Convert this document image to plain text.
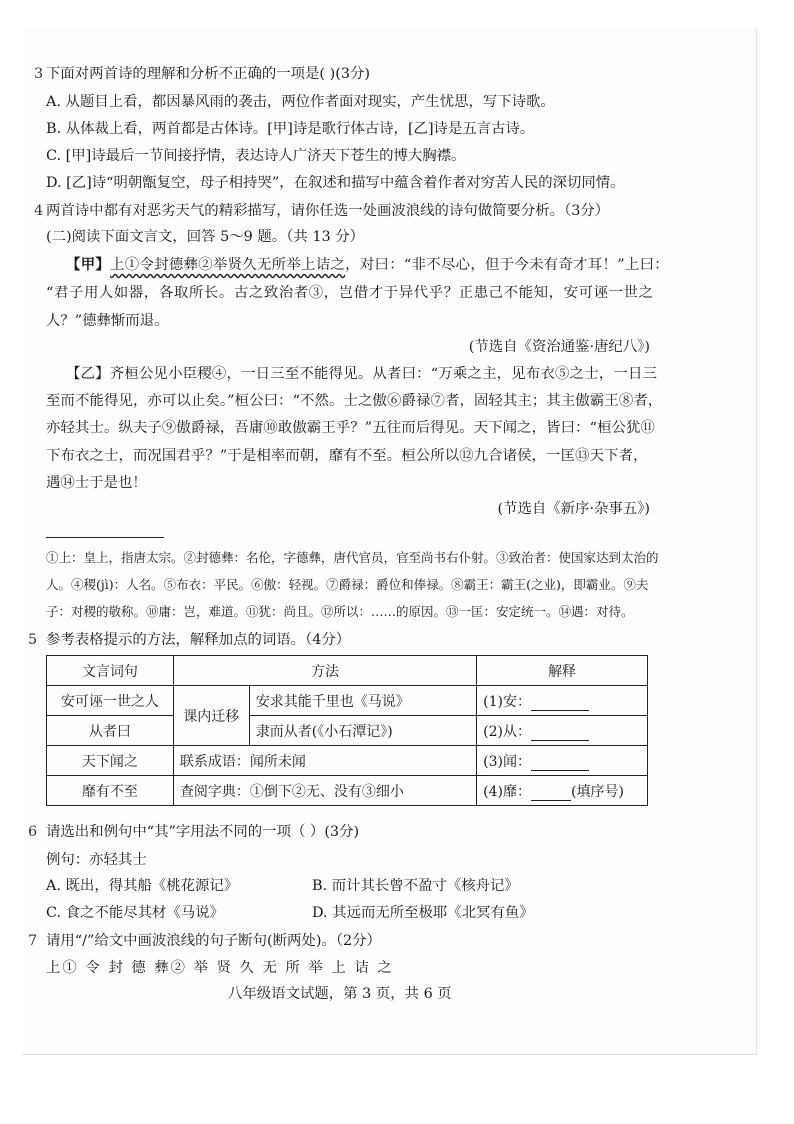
3 下面对两首诗的理解和分析不正确的一项是( )(3分)
A. 从题目上看，都因暴风雨的袭击，两位作者面对现实，产生忧思，写下诗歌。
B. 从体裁上看，两首都是古体诗。[甲]诗是歌行体古诗，[乙]诗是五言古诗。
C. [甲]诗最后一节间接抒情，表达诗人广济天下苍生的博大胸襟。
D. [乙]诗“明朝甑复空，母子相持哭”，在叙述和描写中蕴含着作者对穷苦人民的深切同情。
4 两首诗中都有对恶劣天气的精彩描写，请你任选一处画波浪线的诗句做简要分析。（3分）
(二)阅读下面文言文，回答 5～9 题。（共 13 分）
【甲】上①令封德彝②举贤久无所举上诘之，对曰：“非不尽心，但于今未有奇才耳！”上曰：
“君子用人如器，各取所长。古之致治者③，岂借才于异代乎？正患己不能知，安可诬一世之
人？”德彝惭而退。
(节选自《资治通鉴·唐纪八》)
【乙】齐桓公见小臣稷④，一日三至不能得见。从者曰：“万乘之主，见布衣⑤之士，一日三
至而不能得见，亦可以止矣。”桓公曰：“不然。士之傲⑥爵禄⑦者，固轻其主；其主傲霸王⑧者，
亦轻其士。纵夫子⑨傲爵禄，吾庸⑩敢傲霸王乎？”五往而后得见。天下闻之，皆曰：“桓公犹⑪
下布衣之士，而况国君乎？”于是相率而朝，靡有不至。桓公所以⑫九合诸侯，一匡⑬天下者，
遇⑭士于是也！
(节选自《新序·杂事五》)
①上：皇上，指唐太宗。②封德彝：名伦，字德彝，唐代官员，官至尚书右仆射。③致治者：使国家达到太治的
人。④稷(jì)：人名。⑤布衣：平民。⑥傲：轻视。⑦爵禄：爵位和俸禄。⑧霸王：霸王(之业)，即霸业。⑨夫
子：对稷的敬称。⑩庸：岂，难道。⑪犹：尚且。⑫所以：……的原因。⑬一匡：安定统一。⑭遇：对待。
5 参考表格提示的方法，解释加点的词语。（4分）
文言词句	方法		解释
安可诬一世之人	课内迁移	安求其能千里也《马说》	(1)安：
从者曰		隶而从者(《小石潭记》)	(2)从：
天下闻之	联系成语：闻所未闻		(3)闻：
靡有不至	查阅字典：①倒下②无、没有③细小		(4)靡： (填序号)
6 请选出和例句中“其”字用法不同的一项（ ）(3分)
例句：亦轻其士
A. 既出，得其船《桃花源记》	B. 而计其长曾不盈寸《核舟记》
C. 食之不能尽其材《马说》	D. 其远而无所至极耶《北冥有鱼》
7 请用“/”给文中画波浪线的句子断句(断两处)。（2分）
上① 令 封 德 彝② 举 贤 久 无 所 举 上 诘 之
八年级语文试题，第 3 页，共 6 页
